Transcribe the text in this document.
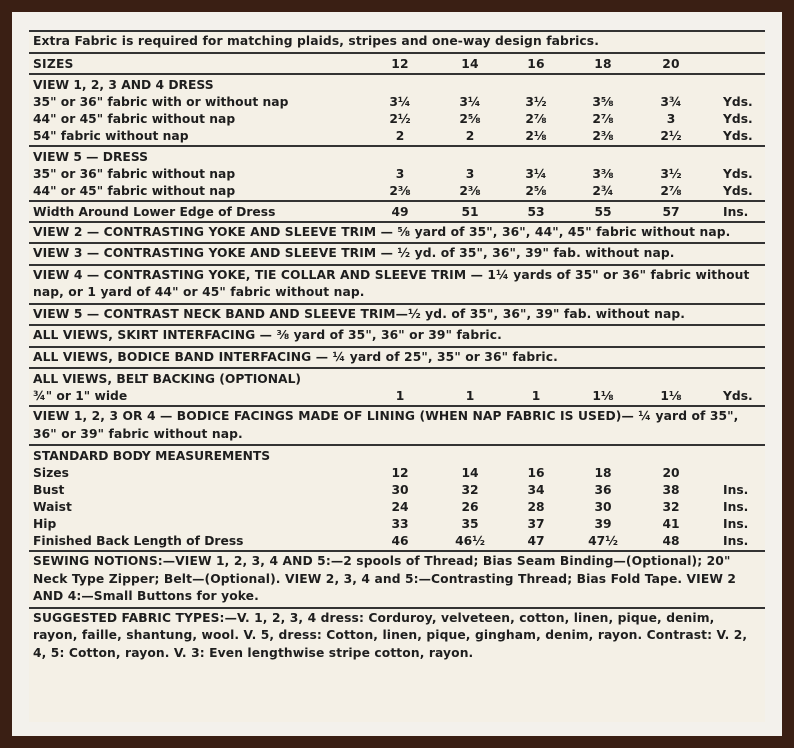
Extra Fabric is required for matching plaids, stripes and one-way design fabrics.
SIZES	12	14	16	18	20
VIEW 1, 2, 3 AND 4 DRESS
35" or 36" fabric with or without nap	3¼	3¼	3½	3⅝	3¾	Yds.
44" or 45" fabric without nap	2½	2⅝	2⅞	2⅞	3	Yds.
54" fabric without nap	2	2	2⅛	2⅜	2½	Yds.
VIEW 5 — DRESS
35" or 36" fabric without nap	3	3	3¼	3⅜	3½	Yds.
44" or 45" fabric without nap	2⅜	2⅜	2⅝	2¾	2⅞	Yds.
Width Around Lower Edge of Dress	49	51	53	55	57	Ins.
VIEW 2 — CONTRASTING YOKE AND SLEEVE TRIM — ⅝ yard of 35", 36", 44", 45" fabric without nap.
VIEW 3 — CONTRASTING YOKE AND SLEEVE TRIM — ½ yd. of 35", 36", 39" fab. without nap.
VIEW 4 — CONTRASTING YOKE, TIE COLLAR AND SLEEVE TRIM — 1¼ yards of 35" or 36" fabric without nap, or 1 yard of 44" or 45" fabric without nap.
VIEW 5 — CONTRAST NECK BAND AND SLEEVE TRIM—½ yd. of 35", 36", 39" fab. without nap.
ALL VIEWS, SKIRT INTERFACING — ⅜ yard of 35", 36" or 39" fabric.
ALL VIEWS, BODICE BAND INTERFACING — ¼ yard of 25", 35" or 36" fabric.
ALL VIEWS, BELT BACKING (OPTIONAL)
¾" or 1" wide	1	1	1	1⅛	1⅛	Yds.
VIEW 1, 2, 3 OR 4 — BODICE FACINGS MADE OF LINING (WHEN NAP FABRIC IS USED)— ¼ yard of 35", 36" or 39" fabric without nap.
STANDARD BODY MEASUREMENTS
Sizes	12	14	16	18	20
Bust	30	32	34	36	38	Ins.
Waist	24	26	28	30	32	Ins.
Hip	33	35	37	39	41	Ins.
Finished Back Length of Dress	46	46½	47	47½	48	Ins.
SEWING NOTIONS:—VIEW 1, 2, 3, 4 AND 5:—2 spools of Thread; Bias Seam Binding—(Optional); 20" Neck Type Zipper; Belt—(Optional). VIEW 2, 3, 4 and 5:—Contrasting Thread; Bias Fold Tape. VIEW 2 AND 4:—Small Buttons for yoke.
SUGGESTED FABRIC TYPES:—V. 1, 2, 3, 4 dress: Corduroy, velveteen, cotton, linen, pique, denim, rayon, faille, shantung, wool. V. 5, dress: Cotton, linen, pique, gingham, denim, rayon. Contrast: V. 2, 4, 5: Cotton, rayon. V. 3: Even lengthwise stripe cotton, rayon.
